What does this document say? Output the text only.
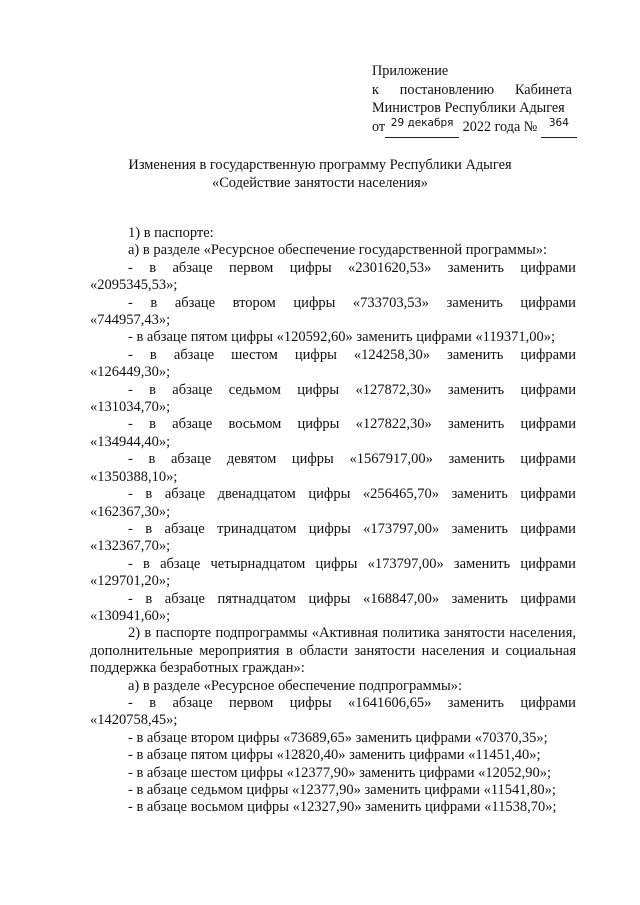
Приложение
к постановлению Кабинета
Министров Республики Адыгея
от $^{29 декабря}$ 2022 года № $^{364}$
Изменения в государственную программу Республики Адыгея
«Содействие занятости населения»

1) в паспорте:

а) в разделе «Ресурсное обеспечение государственной программы»:

- в абзаце первом цифры «2301620,53» заменить цифрами

«2095345,53»;

- в абзаце втором цифры «733703,53» заменить цифрами

«744957,43»;

- в абзаце пятом цифры «120592,60» заменить цифрами «119371,00»;

- в абзаце шестом цифры «124258,30» заменить цифрами

«126449,30»;

- в абзаце седьмом цифры «127872,30» заменить цифрами

«131034,70»;

- в абзаце восьмом цифры «127822,30» заменить цифрами

«134944,40»;

- в абзаце девятом цифры «1567917,00» заменить цифрами

«1350388,10»;

- в абзаце двенадцатом цифры «256465,70» заменить цифрами

«162367,30»;

- в абзаце тринадцатом цифры «173797,00» заменить цифрами

«132367,70»;

- в абзаце четырнадцатом цифры «173797,00» заменить цифрами

«129701,20»;

- в абзаце пятнадцатом цифры «168847,00» заменить цифрами

«130941,60»;

2) в паспорте подпрограммы «Активная политика занятости населения, дополнительные мероприятия в области занятости населения и социальная поддержка безработных граждан»:

а) в разделе «Ресурсное обеспечение подпрограммы»:

- в абзаце первом цифры «1641606,65» заменить цифрами

«1420758,45»;

- в абзаце втором цифры «73689,65» заменить цифрами «70370,35»;

- в абзаце пятом цифры «12820,40» заменить цифрами «11451,40»;

- в абзаце шестом цифры «12377,90» заменить цифрами «12052,90»;

- в абзаце седьмом цифры «12377,90» заменить цифрами «11541,80»;

- в абзаце восьмом цифры «12327,90» заменить цифрами «11538,70»;
